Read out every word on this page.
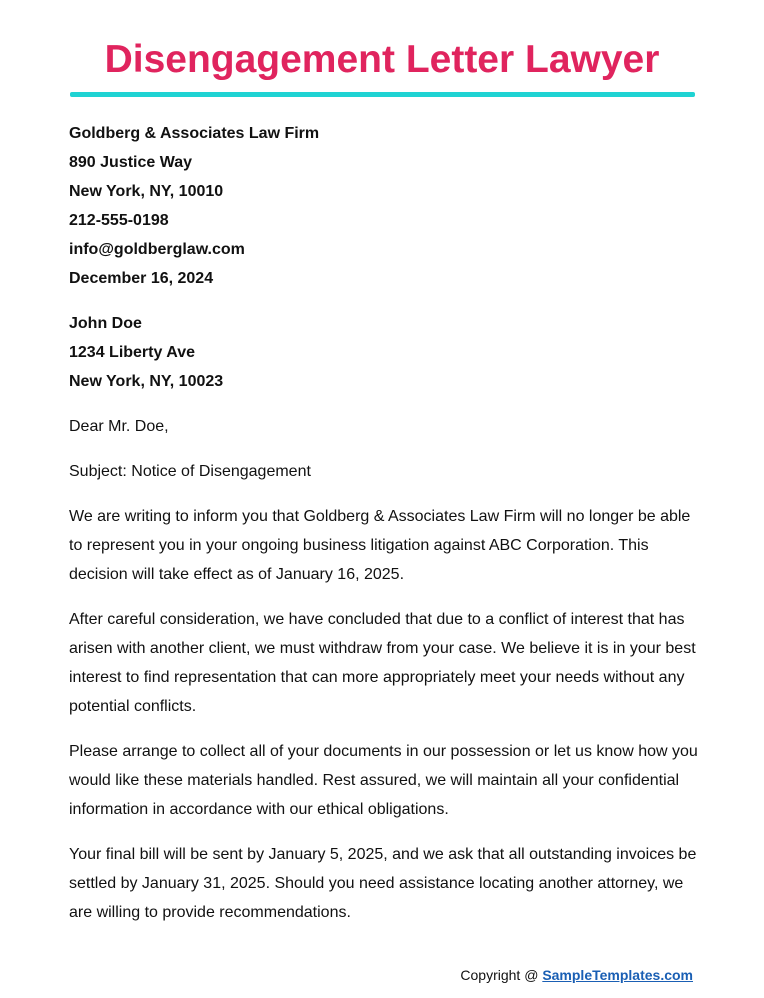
Disengagement Letter Lawyer
Goldberg & Associates Law Firm
890 Justice Way
New York, NY, 10010
212-555-0198
info@goldberglaw.com
December 16, 2024
John Doe
1234 Liberty Ave
New York, NY, 10023

Dear Mr. Doe,

Subject: Notice of Disengagement

We are writing to inform you that Goldberg & Associates Law Firm will no longer be able to represent you in your ongoing business litigation against ABC Corporation. This decision will take effect as of January 16, 2025.

After careful consideration, we have concluded that due to a conflict of interest that has arisen with another client, we must withdraw from your case. We believe it is in your best interest to find representation that can more appropriately meet your needs without any potential conflicts.

Please arrange to collect all of your documents in our possession or let us know how you would like these materials handled. Rest assured, we will maintain all your confidential information in accordance with our ethical obligations.

Your final bill will be sent by January 5, 2025, and we ask that all outstanding invoices be settled by January 31, 2025. Should you need assistance locating another attorney, we are willing to provide recommendations.

Copyright @ SampleTemplates.com
